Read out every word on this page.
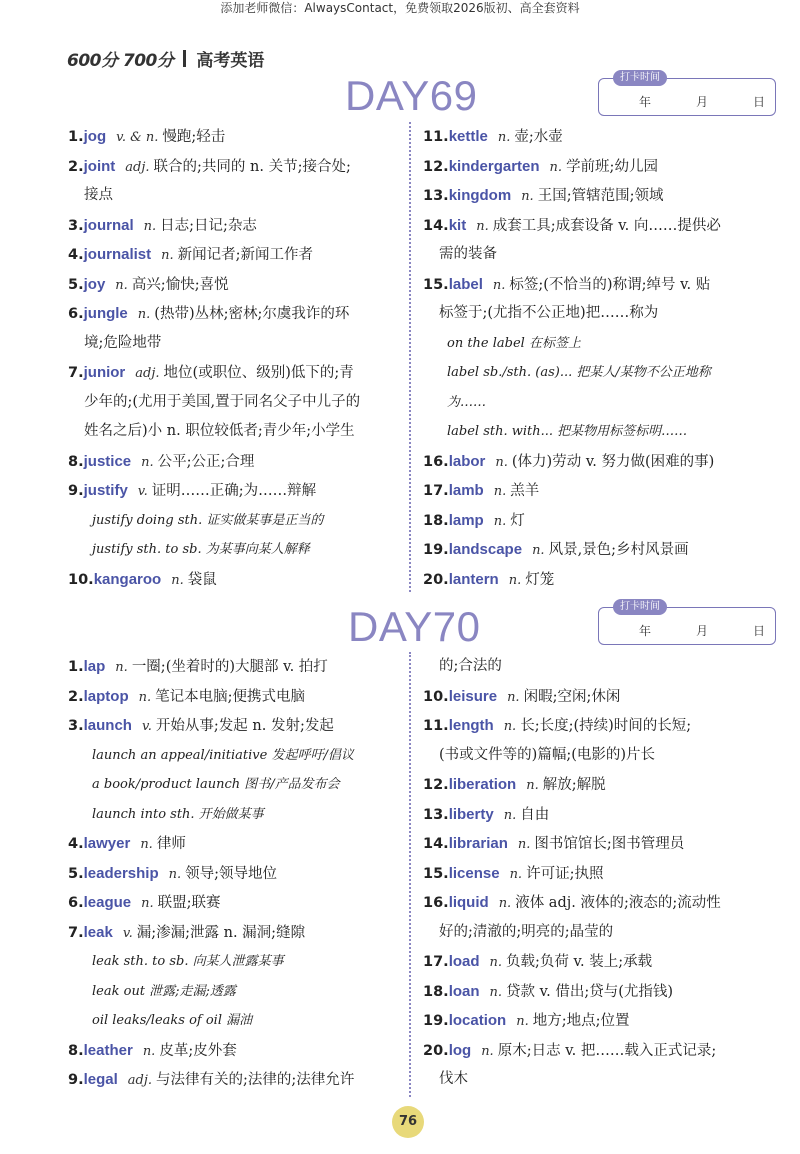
添加老师微信：AlwaysContact，免费领取2026版初、高全套资料
600分 700分 高考英语
DAY69	打卡时间
年	月	日
1.jog v. & n. 慢跑;轻击
2.joint adj. 联合的;共同的 n. 关节;接合处;
接点
3.journal n. 日志;日记;杂志
4.journalist n. 新闻记者;新闻工作者
5.joy n. 高兴;愉快;喜悦
6.jungle n. (热带)丛林;密林;尔虞我诈的环
境;危险地带
7.junior adj. 地位(或职位、级别)低下的;青
少年的;(尤用于美国,置于同名父子中儿子的
姓名之后)小 n. 职位较低者;青少年;小学生
8.justice n. 公平;公正;合理
9.justify v. 证明……正确;为……辩解
justify doing sth. 证实做某事是正当的
justify sth. to sb. 为某事向某人解释
10.kangaroo n. 袋鼠
11.kettle n. 壶;水壶
12.kindergarten n. 学前班;幼儿园
13.kingdom n. 王国;管辖范围;领域
14.kit n. 成套工具;成套设备 v. 向……提供必
需的装备
15.label n. 标签;(不恰当的)称谓;绰号 v. 贴
标签于;(尤指不公正地)把……称为
on the label 在标签上
label sb./sth. (as)... 把某人/某物不公正地称
为……
label sth. with... 把某物用标签标明……
16.labor n. (体力)劳动 v. 努力做(困难的事)
17.lamb n. 羔羊
18.lamp n. 灯
19.landscape n. 风景,景色;乡村风景画
20.lantern n. 灯笼
DAY70	打卡时间
年	月	日
1.lap n. 一圈;(坐着时的)大腿部 v. 拍打
2.laptop n. 笔记本电脑;便携式电脑
3.launch v. 开始从事;发起 n. 发射;发起
launch an appeal/initiative 发起呼吁/倡议
a book/product launch 图书/产品发布会
launch into sth. 开始做某事
4.lawyer n. 律师
5.leadership n. 领导;领导地位
6.league n. 联盟;联赛
7.leak v. 漏;渗漏;泄露 n. 漏洞;缝隙
leak sth. to sb. 向某人泄露某事
leak out 泄露;走漏;透露
oil leaks/leaks of oil 漏油
8.leather n. 皮革;皮外套
9.legal adj. 与法律有关的;法律的;法律允许
的;合法的
10.leisure n. 闲暇;空闲;休闲
11.length n. 长;长度;(持续)时间的长短;
(书或文件等的)篇幅;(电影的)片长
12.liberation n. 解放;解脱
13.liberty n. 自由
14.librarian n. 图书馆馆长;图书管理员
15.license n. 许可证;执照
16.liquid n. 液体 adj. 液体的;液态的;流动性
好的;清澈的;明亮的;晶莹的
17.load n. 负载;负荷 v. 装上;承载
18.loan n. 贷款 v. 借出;贷与(尤指钱)
19.location n. 地方;地点;位置
20.log n. 原木;日志 v. 把……载入正式记录;
伐木
76
